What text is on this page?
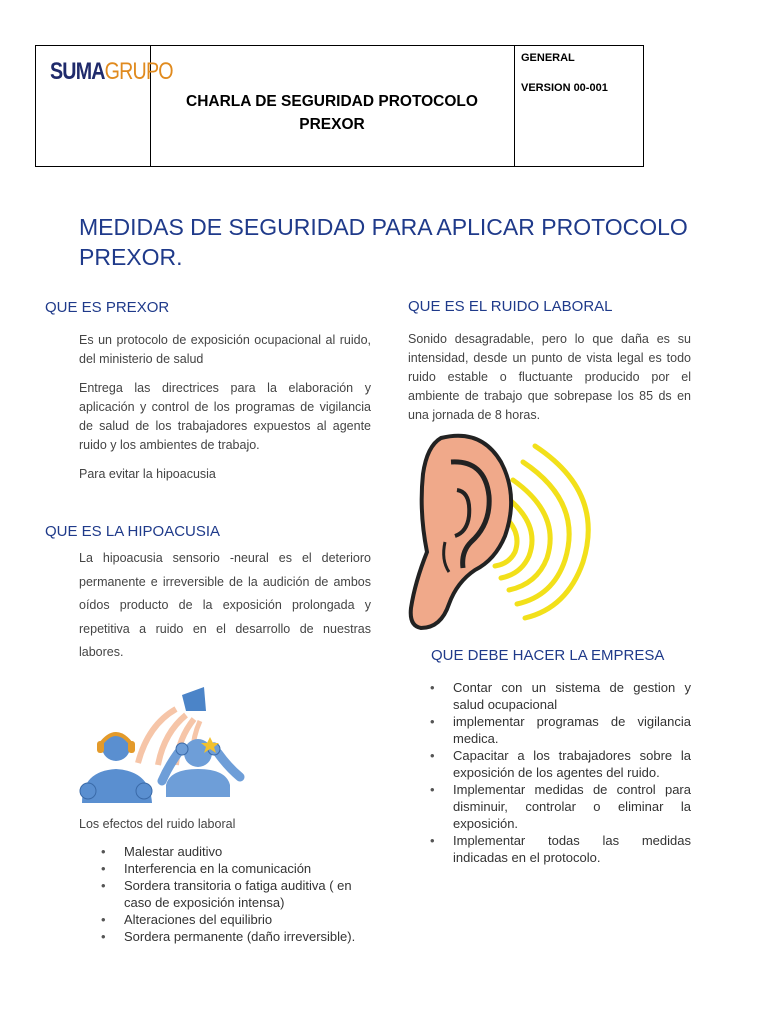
SUMAGRUPO
CHARLA DE SEGURIDAD PROTOCOLO
PREXOR
GENERAL
VERSION 00-001
MEDIDAS DE SEGURIDAD PARA APLICAR PROTOCOLO
PREXOR.
QUE ES PREXOR
Es un protocolo de exposición ocupacional al ruido, del ministerio de salud
Entrega las directrices para la elaboración y aplicación y control de los programas de vigilancia de salud de los trabajadores expuestos al agente ruido y los ambientes de trabajo.
Para evitar la hipoacusia
QUE ES LA HIPOACUSIA
La hipoacusia sensorio -neural es el deterioro permanente e irreversible de la audición de ambos oídos producto de la exposición prolongada y repetitiva a ruido en el desarrollo de nuestras labores.
Los efectos del ruido laboral
• Malestar auditivo
• Interferencia en la comunicación
• Sordera transitoria o fatiga auditiva ( en caso de exposición intensa)
• Alteraciones del equilibrio
• Sordera permanente (daño irreversible).
QUE ES EL RUIDO LABORAL
Sonido desagradable, pero lo que daña es su intensidad, desde un punto de vista legal es todo ruido estable o fluctuante producido por el ambiente de trabajo que sobrepase los 85 ds en una jornada de 8 horas.
QUE DEBE HACER LA EMPRESA
• Contar con un sistema de gestion y salud ocupacional
• implementar programas de vigilancia medica.
• Capacitar a los trabajadores sobre la exposición de los agentes del ruido.
• Implementar medidas de control para disminuir, controlar o eliminar la exposición.
• Implementar todas las medidas indicadas en el protocolo.
